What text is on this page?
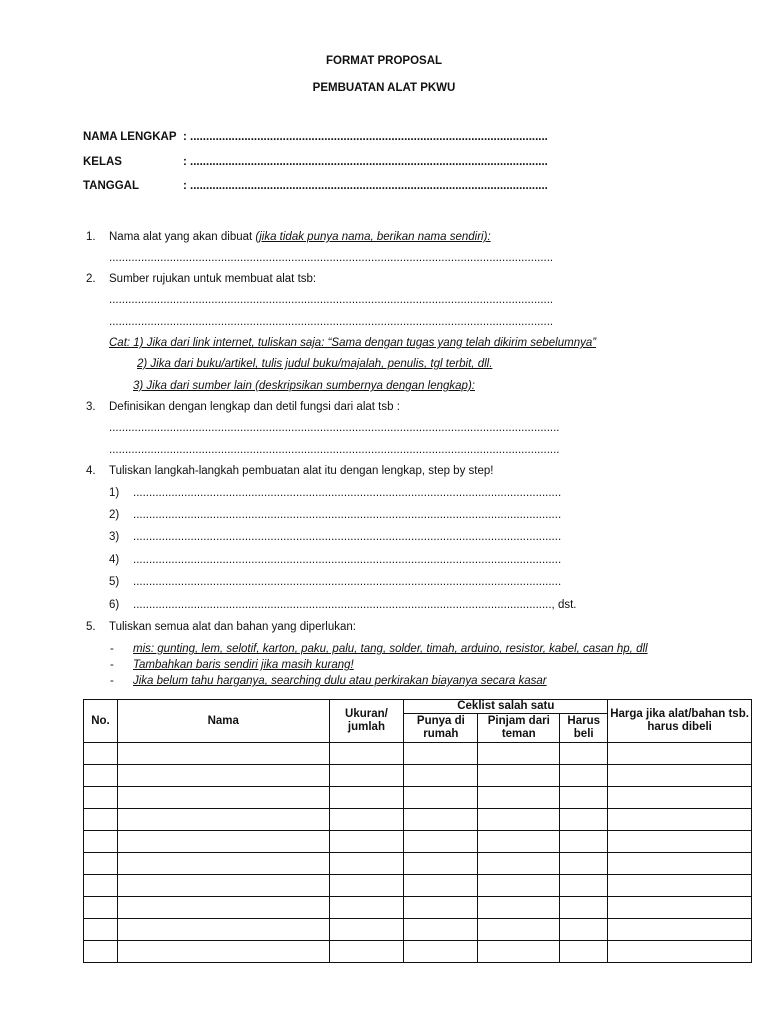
FORMAT PROPOSAL
PEMBUATAN ALAT PKWU
NAMA LENGKAP : ................................................................................................................
KELAS	: ................................................................................................................
TANGGAL	: ................................................................................................................
1. Nama alat yang akan dibuat (jika tidak punya nama, berikan nama sendiri):
...........................................................................................................................................
2. Sumber rujukan untuk membuat alat tsb:
...........................................................................................................................................
...........................................................................................................................................
Cat: 1) Jika dari link internet, tuliskan saja: “Sama dengan tugas yang telah dikirim sebelumnya”
2) Jika dari buku/artikel, tulis judul buku/majalah, penulis, tgl terbit, dll.
3) Jika dari sumber lain (deskripsikan sumbernya dengan lengkap):
3. Definisikan dengan lengkap dan detil fungsi dari alat tsb :
.............................................................................................................................................
.............................................................................................................................................
4. Tuliskan langkah-langkah pembuatan alat itu dengan lengkap, step by step!
1) ......................................................................................................................................
2) ......................................................................................................................................
3) ......................................................................................................................................
4) ......................................................................................................................................
5) ......................................................................................................................................
6) ..................................................................................................................................., dst.
5. Tuliskan semua alat dan bahan yang diperlukan:
- mis: gunting, lem, selotif, karton, paku, palu, tang, solder, timah, arduino, resistor, kabel, casan hp, dll
- Tambahkan baris sendiri jika masih kurang!
- Jika belum tahu harganya, searching dulu atau perkirakan biayanya secara kasar
No.	Nama	Ukuran/ jumlah	Ceklist salah satu			Harga jika alat/bahan tsb. harus dibeli
			Punya di rumah	Pinjam dari teman	Harus beli	
